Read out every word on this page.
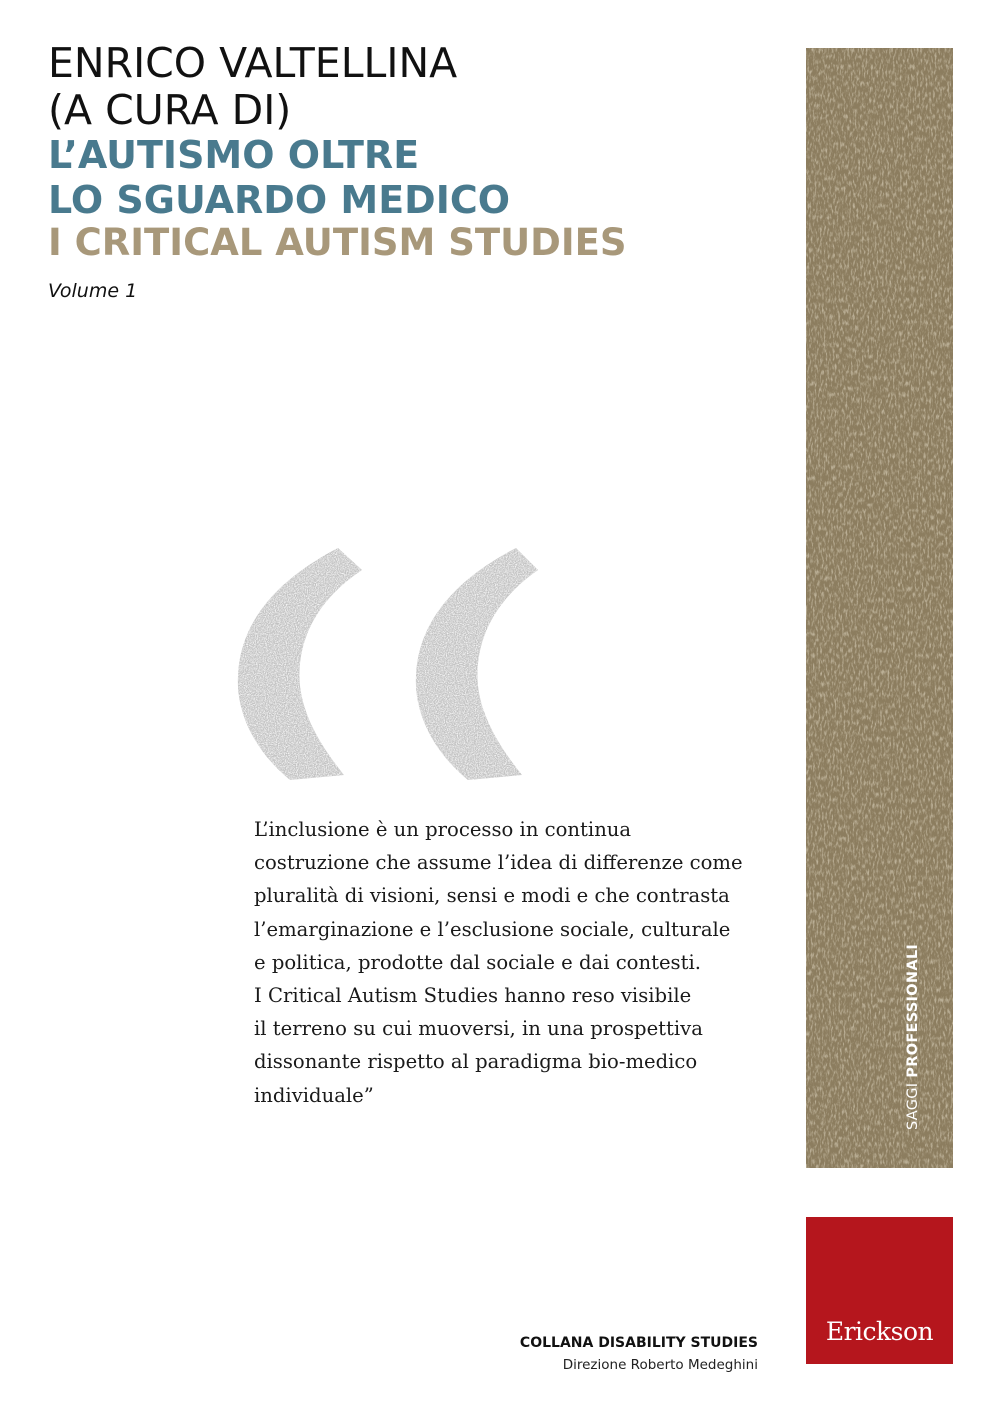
ENRICO VALTELLINA
(A CURA DI)
L’AUTISMO OLTRE
LO SGUARDO MEDICO
I CRITICAL AUTISM STUDIES
Volume 1
L’inclusione è un processo in continua
costruzione che assume l’idea di differenze come
pluralità di visioni, sensi e modi e che contrasta
l’emarginazione e l’esclusione sociale, culturale
e politica, prodotte dal sociale e dai contesti.
I Critical Autism Studies hanno reso visibile
il terreno su cui muoversi, in una prospettiva
dissonante rispetto al paradigma bio-medico
individuale”	SAGGI PROFESSIONALI
Erickson
COLLANA DISABILITY STUDIES
Direzione Roberto Medeghini
